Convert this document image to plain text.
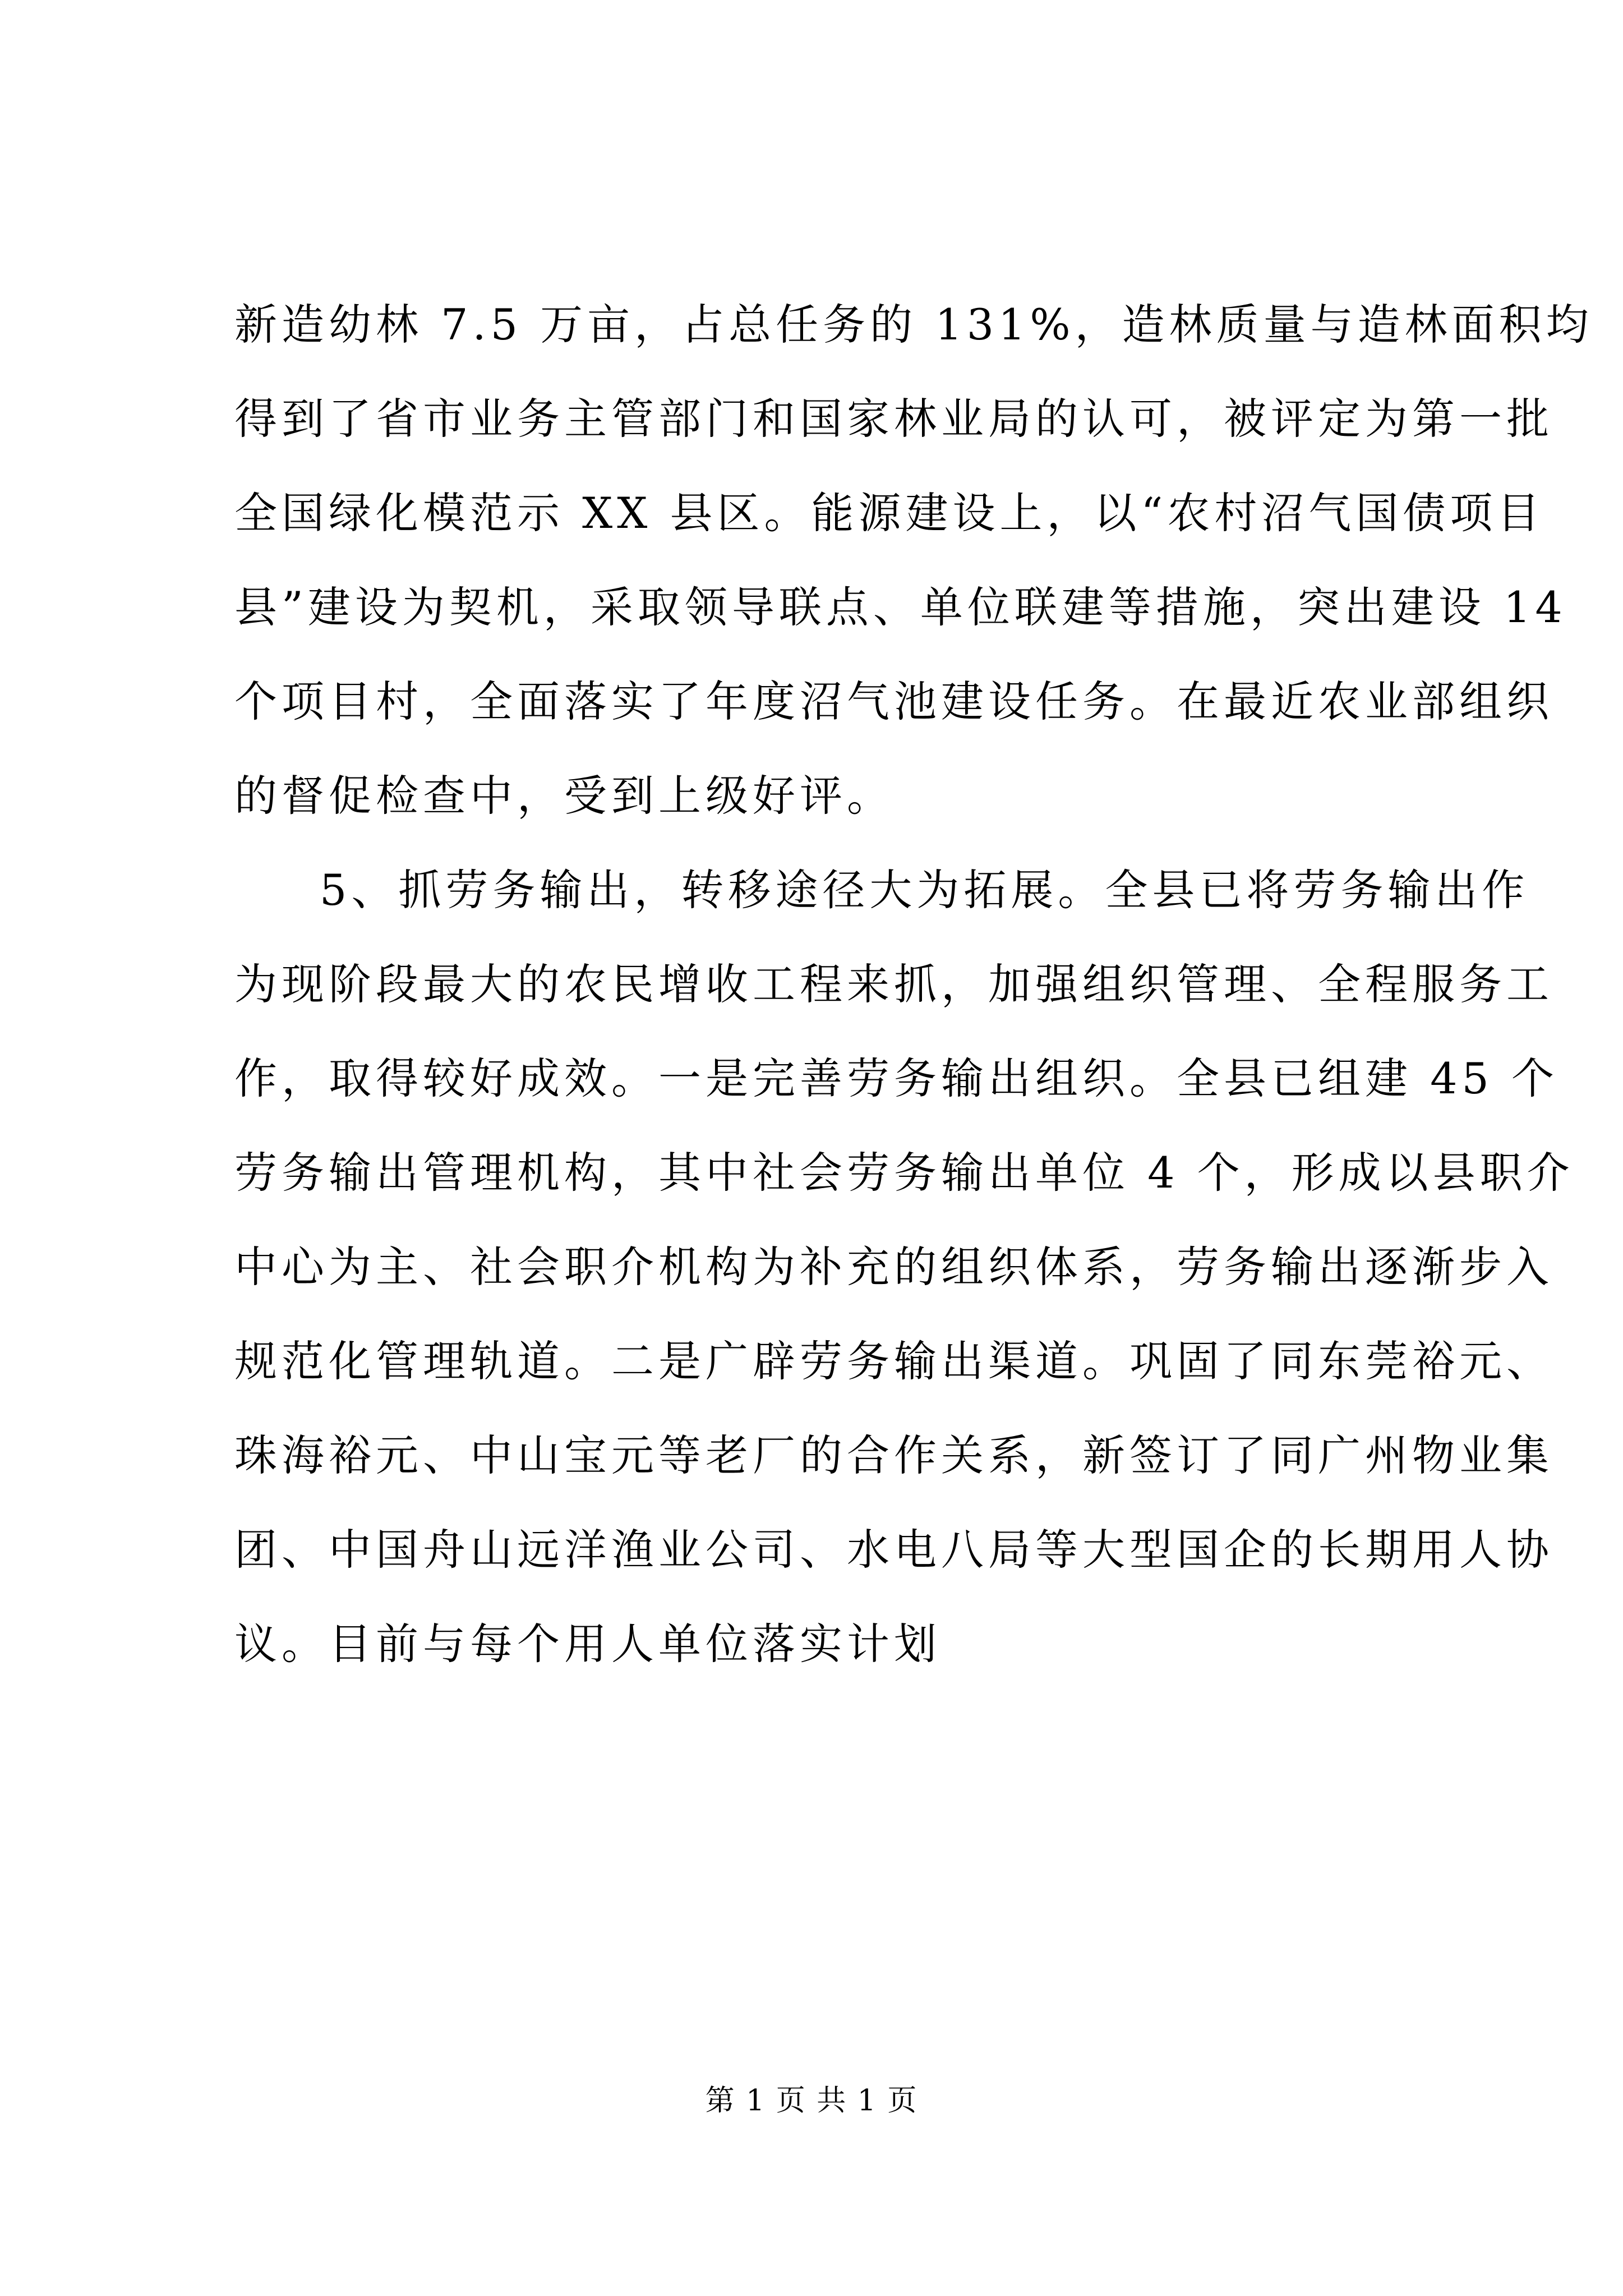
新造幼林 7.5 万亩，占总任务的 131%，造林质量与造林面积均
得到了省市业务主管部门和国家林业局的认可，被评定为第一批
全国绿化模范示 XX 县区。能源建设上，以“农村沼气国债项目
县”建设为契机，采取领导联点、单位联建等措施，突出建设 14
个项目村，全面落实了年度沼气池建设任务。在最近农业部组织
的督促检查中，受到上级好评。
5、抓劳务输出，转移途径大为拓展。全县已将劳务输出作
为现阶段最大的农民增收工程来抓，加强组织管理、全程服务工
作，取得较好成效。一是完善劳务输出组织。全县已组建 45 个
劳务输出管理机构，其中社会劳务输出单位 4 个，形成以县职介
中心为主、社会职介机构为补充的组织体系，劳务输出逐渐步入
规范化管理轨道。二是广辟劳务输出渠道。巩固了同东莞裕元、
珠海裕元、中山宝元等老厂的合作关系，新签订了同广州物业集
团、中国舟山远洋渔业公司、水电八局等大型国企的长期用人协
议。目前与每个用人单位落实计划
第 1 页 共 1 页
